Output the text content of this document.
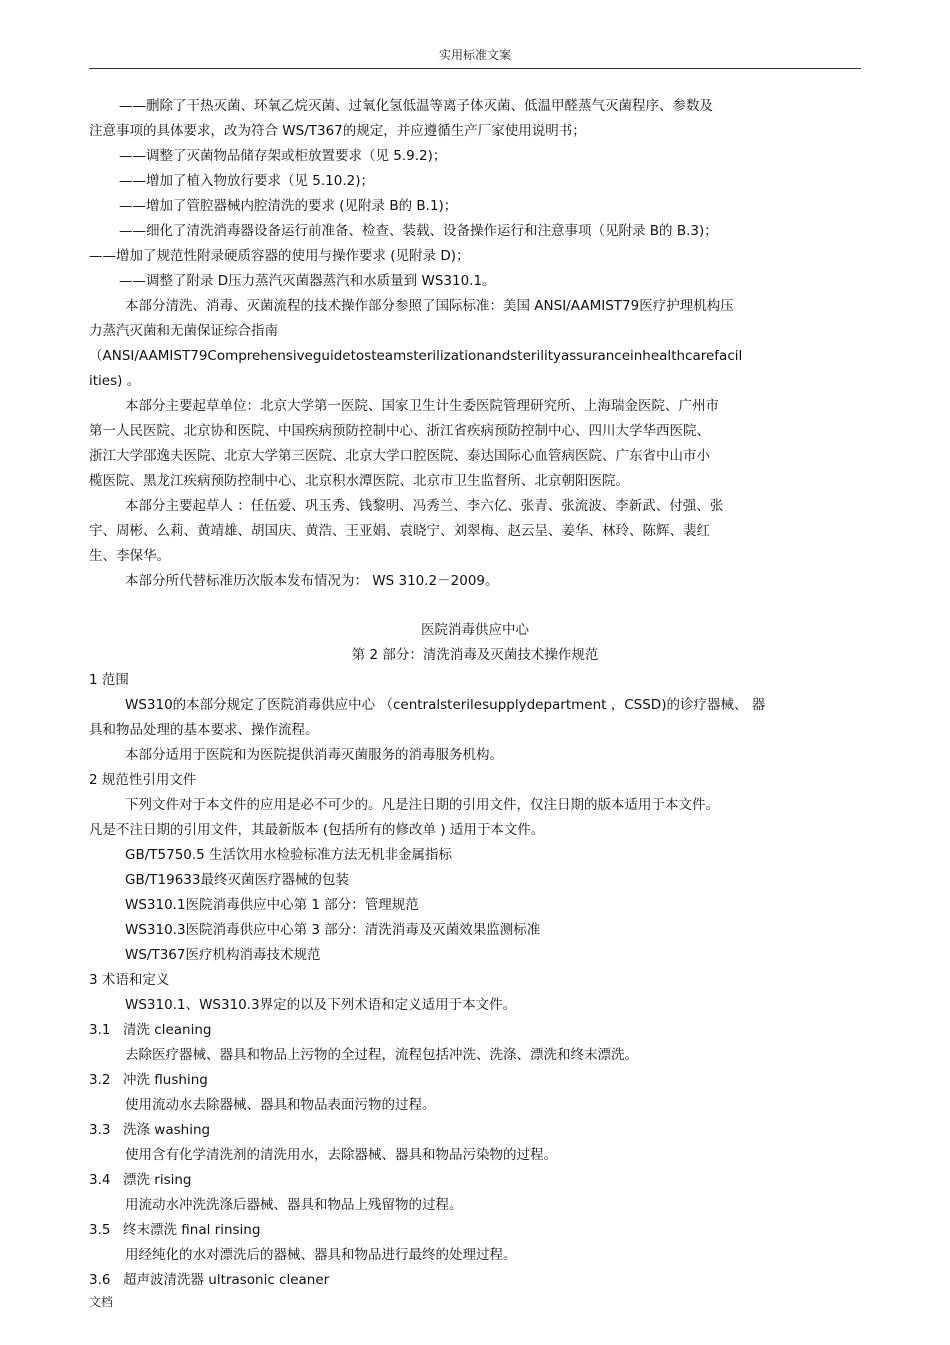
实用标准文案
——删除了干热灭菌、环氧乙烷灭菌、过氧化氢低温等离子体灭菌、低温甲醛蒸气灭菌程序、参数及
注意事项的具体要求，改为符合 WS/T367的规定，并应遵循生产厂家使用说明书；
——调整了灭菌物品储存架或柜放置要求（见 5.9.2)；
——增加了植入物放行要求（见 5.10.2)；
——增加了管腔器械内腔清洗的要求 (见附录 B的 B.1)；
——细化了清洗消毒器设备运行前准备、检查、装载、设备操作运行和注意事项（见附录 B的 B.3)；
——增加了规范性附录硬质容器的使用与操作要求 (见附录 D)；
——调整了附录 D压力蒸汽灭菌器蒸汽和水质量到 WS310.1。
本部分清洗、消毒、灭菌流程的技术操作部分参照了国际标准：美国 ANSI/AAMIST79医疗护理机构压
力蒸汽灭菌和无菌保证综合指南
（ANSI/AAMIST79Comprehensiveguidetosteamsterilizationandsterilityassuranceinhealthcarefacil
ities) 。
本部分主要起草单位：北京大学第一医院、国家卫生计生委医院管理研究所、上海瑞金医院、广州市
第一人民医院、北京协和医院、中国疾病预防控制中心、浙江省疾病预防控制中心、四川大学华西医院、
浙江大学邵逸夫医院、北京大学第三医院、北京大学口腔医院、泰达国际心血管病医院、广东省中山市小
榄医院、黑龙江疾病预防控制中心、北京积水潭医院、北京市卫生监督所、北京朝阳医院。
本部分主要起草人 ：任伍爱、巩玉秀、钱黎明、冯秀兰、李六亿、张青、张流波、李新武、付强、张
宇、周彬、么莉、黄靖雄、胡国庆、黄浩、王亚娟、袁晓宁、刘翠梅、赵云呈、姜华、林玲、陈辉、裴红
生、李保华。
本部分所代替标准历次版本发布情况为： WS 310.2－2009。
医院消毒供应中心
第 2 部分：清洗消毒及灭菌技术操作规范
1 范围
WS310的本部分规定了医院消毒供应中心 （centralsterilesupplydepartment ，CSSD)的诊疗器械、 器
具和物品处理的基本要求、操作流程。
本部分适用于医院和为医院提供消毒灭菌服务的消毒服务机构。
2 规范性引用文件
下列文件对于本文件的应用是必不可少的。凡是注日期的引用文件，仅注日期的版本适用于本文件。
凡是不注日期的引用文件，其最新版本 (包括所有的修改单 ) 适用于本文件。
GB/T5750.5 生活饮用水检验标准方法无机非金属指标
GB/T19633最终灭菌医疗器械的包装
WS310.1医院消毒供应中心第 1 部分：管理规范
WS310.3医院消毒供应中心第 3 部分：清洗消毒及灭菌效果监测标准
WS/T367医疗机构消毒技术规范
3 术语和定义
WS310.1、WS310.3界定的以及下列术语和定义适用于本文件。
3.1 清洗 cleaning
去除医疗器械、器具和物品上污物的全过程，流程包括冲洗、洗涤、漂洗和终末漂洗。
3.2 冲洗 flushing
使用流动水去除器械、器具和物品表面污物的过程。
3.3 洗涤 washing
使用含有化学清洗剂的清洗用水，去除器械、器具和物品污染物的过程。
3.4 漂洗 rising
用流动水冲洗洗涤后器械、器具和物品上残留物的过程。
3.5 终末漂洗 final rinsing
用经纯化的水对漂洗后的器械、器具和物品进行最终的处理过程。
3.6 超声波清洗器 ultrasonic cleaner
文档
